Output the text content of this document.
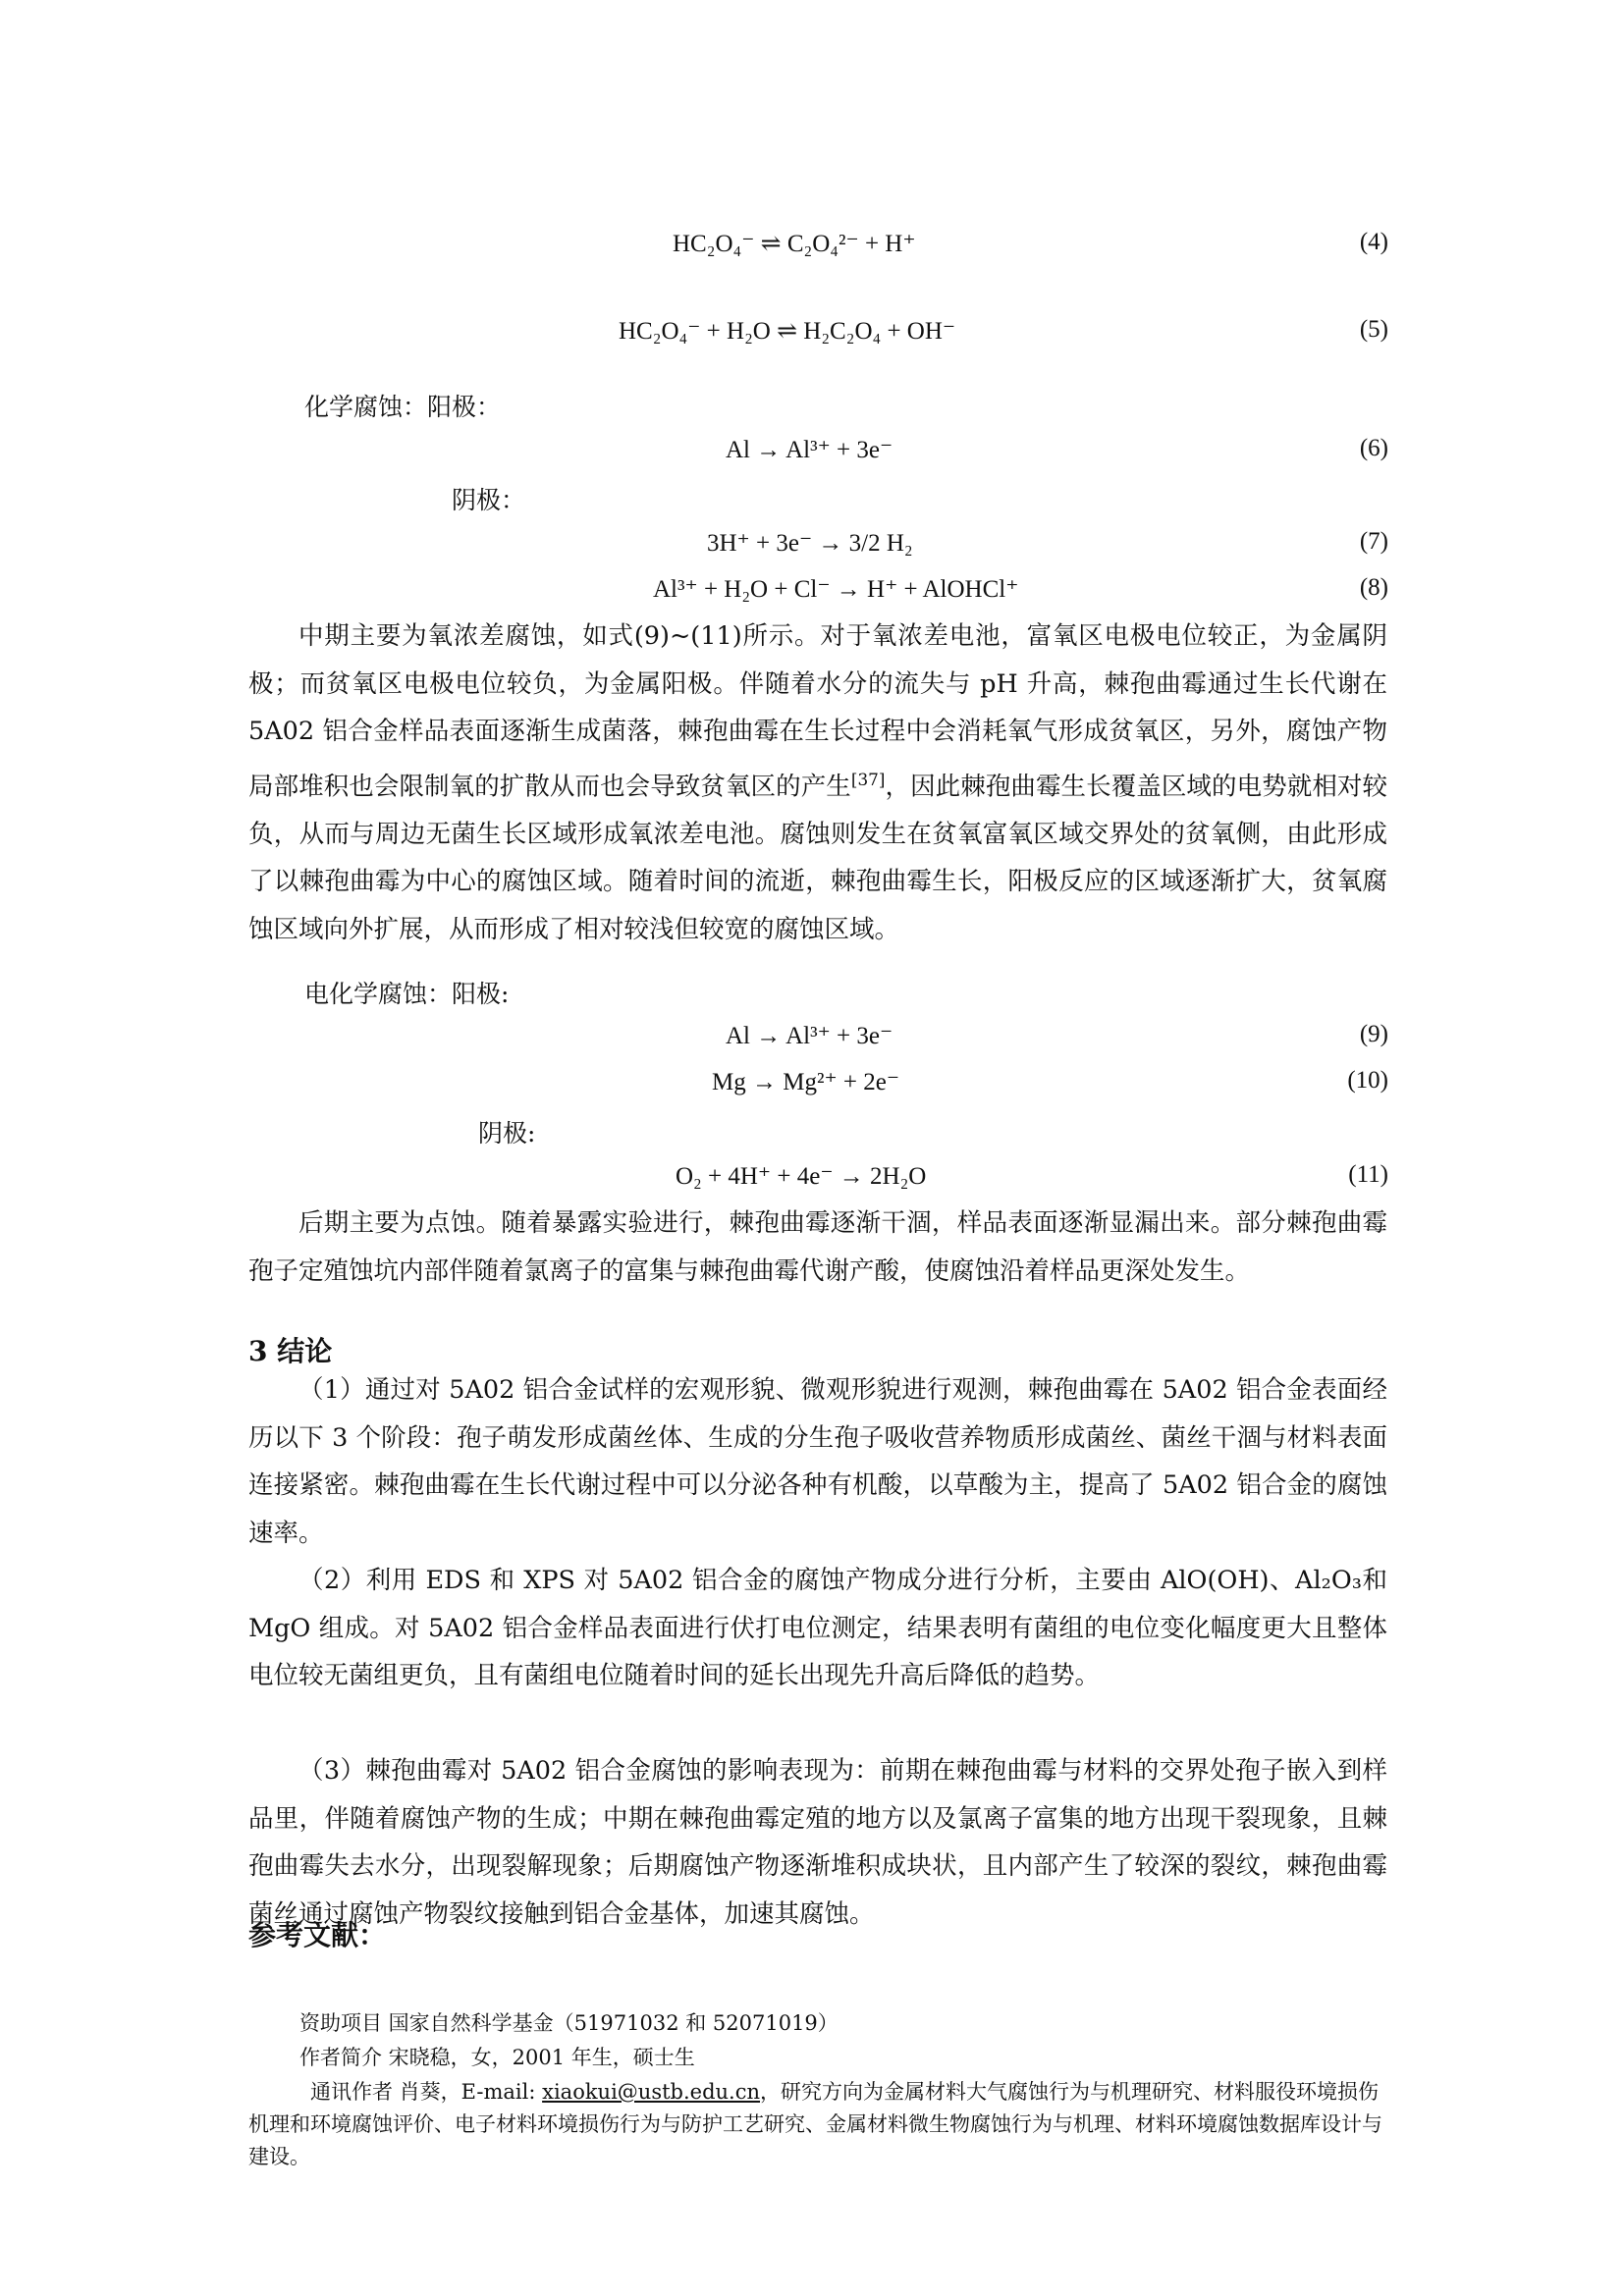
HC₂O₄⁻ ⇌ C₂O₄²⁻ + H⁺	(4)
HC₂O₄⁻ + H₂O ⇌ H₂C₂O₄ + OH⁻	(5)
化学腐蚀：阳极：
Al → Al³⁺ + 3e⁻	(6)
阴极：
3H⁺ + 3e⁻ → 3/2 H₂	(7)
Al³⁺ + H₂O + Cl⁻ → H⁺ + AlOHCl⁺	(8)
中期主要为氧浓差腐蚀，如式(9)~(11)所示。对于氧浓差电池，富氧区电极电位较正，为金属阴极；而贫氧区电极电位较负，为金属阳极。伴随着水分的流失与 pH 升高，棘孢曲霉通过生长代谢在 5A02 铝合金样品表面逐渐生成菌落，棘孢曲霉在生长过程中会消耗氧气形成贫氧区，另外，腐蚀产物局部堆积也会限制氧的扩散从而也会导致贫氧区的产生[37]，因此棘孢曲霉生长覆盖区域的电势就相对较负，从而与周边无菌生长区域形成氧浓差电池。腐蚀则发生在贫氧富氧区域交界处的贫氧侧，由此形成了以棘孢曲霉为中心的腐蚀区域。随着时间的流逝，棘孢曲霉生长，阳极反应的区域逐渐扩大，贫氧腐蚀区域向外扩展，从而形成了相对较浅但较宽的腐蚀区域。
电化学腐蚀：阳极:
Al → Al³⁺ + 3e⁻	(9)
Mg → Mg²⁺ + 2e⁻	(10)
阴极:
O₂ + 4H⁺ + 4e⁻ → 2H₂O	(11)
后期主要为点蚀。随着暴露实验进行，棘孢曲霉逐渐干涸，样品表面逐渐显漏出来。部分棘孢曲霉孢子定殖蚀坑内部伴随着氯离子的富集与棘孢曲霉代谢产酸，使腐蚀沿着样品更深处发生。
3 结论
（1）通过对 5A02 铝合金试样的宏观形貌、微观形貌进行观测，棘孢曲霉在 5A02 铝合金表面经历以下 3 个阶段：孢子萌发形成菌丝体、生成的分生孢子吸收营养物质形成菌丝、菌丝干涸与材料表面连接紧密。棘孢曲霉在生长代谢过程中可以分泌各种有机酸，以草酸为主，提高了 5A02 铝合金的腐蚀速率。
（2）利用 EDS 和 XPS 对 5A02 铝合金的腐蚀产物成分进行分析，主要由 AlO(OH)、Al₂O₃和 MgO 组成。对 5A02 铝合金样品表面进行伏打电位测定，结果表明有菌组的电位变化幅度更大且整体电位较无菌组更负，且有菌组电位随着时间的延长出现先升高后降低的趋势。
（3）棘孢曲霉对 5A02 铝合金腐蚀的影响表现为：前期在棘孢曲霉与材料的交界处孢子嵌入到样品里，伴随着腐蚀产物的生成；中期在棘孢曲霉定殖的地方以及氯离子富集的地方出现干裂现象，且棘孢曲霉失去水分，出现裂解现象；后期腐蚀产物逐渐堆积成块状，且内部产生了较深的裂纹，棘孢曲霉菌丝通过腐蚀产物裂纹接触到铝合金基体，加速其腐蚀。
参考文献：
资助项目 国家自然科学基金（51971032 和 52071019）
作者简介 宋晓稳，女，2001 年生，硕士生
通讯作者 肖葵，E-mail: xiaokui@ustb.edu.cn，研究方向为金属材料大气腐蚀行为与机理研究、材料服役环境损伤机理和环境腐蚀评价、电子材料环境损伤行为与防护工艺研究、金属材料微生物腐蚀行为与机理、材料环境腐蚀数据库设计与建设。
